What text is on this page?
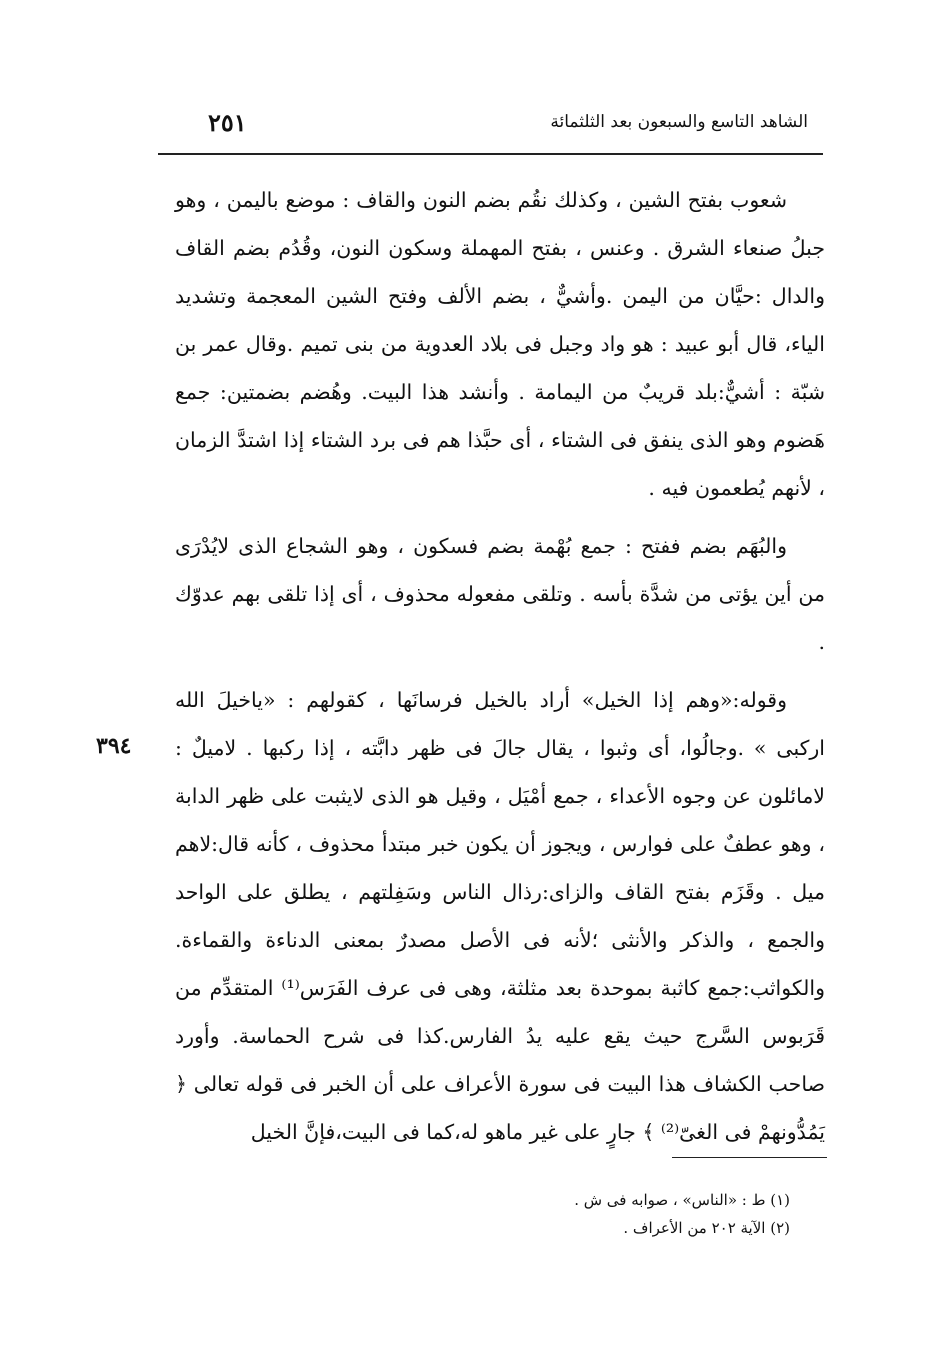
الشاهد التاسع والسبعون بعد الثلثمائة
٢٥١

شعوب بفتح الشين ، وكذلك نقُم بضم النون والقاف : موضع باليمن ، وهو جبلُ صنعاء الشرق . وعنس ، بفتح المهملة وسكون النون، وقُدُم بضم القاف والدال :حيَّان من اليمن .وأشيٌّ ، بضم الألف وفتح الشين المعجمة وتشديد الياء، قال أبو عبيد : هو واد وجبل فى بلاد العدوية من بنى تميم .وقال عمر بن شبّة : أشيٌّ:بلد قريبٌ من اليمامة . وأنشد هذا البيت. وهُضم بضمتين: جمع هَضوم وهو الذى ينفق فى الشتاء ، أى حبَّذا هم فى برد الشتاء إذا اشتدَّ الزمان ، لأنهم يُطعمون فيه .

والبُهَم بضم ففتح : جمع بُهْمة بضم فسكون ، وهو الشجاع الذى لايُدْرَى من أين يؤتى من شدَّة بأسه . وتلقى مفعوله محذوف ، أى إذا تلقى بهم عدوّك .

وقوله:«وهم إذا الخيل» أراد بالخيل فرسانَها ، كقولهم : «ياخيلَ الله اركبى » .وجالُوا، أى وثبوا ، يقال جالَ فى ظهر دابَّته ، إذا ركبها . لاميلٌ : لامائلون عن وجوه الأعداء ، جمع أمْيَل ، وقيل هو الذى لايثبت على ظهر الدابة ، وهو عطفٌ على فوارس ، ويجوز أن يكون خبر مبتدأ محذوف ، كأنه قال:لاهم ميل . وقَزَم بفتح القاف والزاى:رذال الناس وسَفِلتهم ، يطلق على الواحد والجمع ، والذكر والأنثى ؛لأنه فى الأصل مصدرٌ بمعنى الدناءة والقماءة. والكواثب:جمع كاثبة بموحدة بعد مثلثة، وهى فى عرف الفَرَس⁽¹⁾ المتقدِّم من قَرَبوس السَّرج حيث يقع عليه يدُ الفارس.كذا فى شرح الحماسة. وأورد صاحب الكشاف هذا البيت فى سورة الأعراف على أن الخبر فى قوله تعالى ﴿ يَمُدُّونهمْ فى الغىّ⁽²⁾ ﴾ جارٍ على غير ماهو له،كما فى البيت،فإنَّ الخيل

٣٩٤
(١) ط : «الناس» ، صوابه فى ش .
(٢) الآية ٢٠٢ من الأعراف .
